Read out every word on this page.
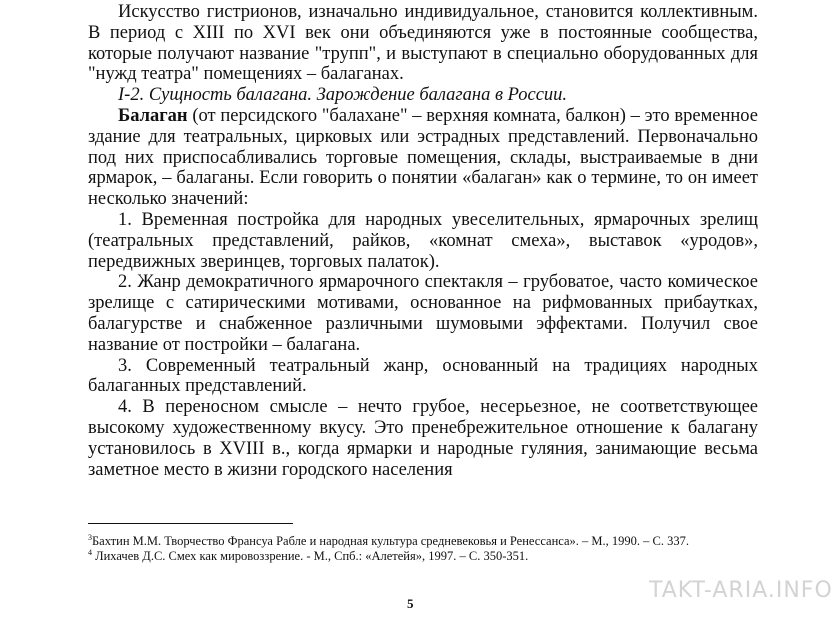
Искусство гистрионов, изначально индивидуальное, становится коллективным. В период с XIII по XVI век они объединяются уже в постоянные сообщества, которые получают название "трупп", и выступают в специально оборудованных для "нужд театра" помещениях – балаганах.

I-2. Сущность балагана. Зарождение балагана в России.

Балаган (от персидского "балахане" – верхняя комната, балкон) – это временное здание для театральных, цирковых или эстрадных представлений. Первоначально под них приспосабливались торговые помещения, склады, выстраиваемые в дни ярмарок, – балаганы. Если говорить о понятии «балаган» как о термине, то он имеет несколько значений:

1. Временная постройка для народных увеселительных, ярмарочных зрелищ (театральных представлений, райков, «комнат смеха», выставок «уродов», передвижных зверинцев, торговых палаток).

2. Жанр демократичного ярмарочного спектакля – грубоватое, часто комическое зрелище с сатирическими мотивами, основанное на рифмованных прибаутках, балагурстве и снабженное различными шумовыми эффектами. Получил свое название от постройки – балагана.

3. Современный театральный жанр, основанный на традициях народных балаганных представлений.

4. В переносном смысле – нечто грубое, несерьезное, не соответствующее высокому художественному вкусу. Это пренебрежительное отношение к балагану установилось в XVIII в., когда ярмарки и народные гуляния, занимающие весьма заметное место в жизни городского населения

$^3$Бахтин М.М. Творчество Франсуа Рабле и народная культура средневековья и Ренессанса». – М., 1990. – С. 337.

$^4$ Лихачев Д.С. Смех как мировоззрение. - М., Спб.: «Алетейя», 1997. – С. 350-351.

TAKT-ARIA.INFO
5
